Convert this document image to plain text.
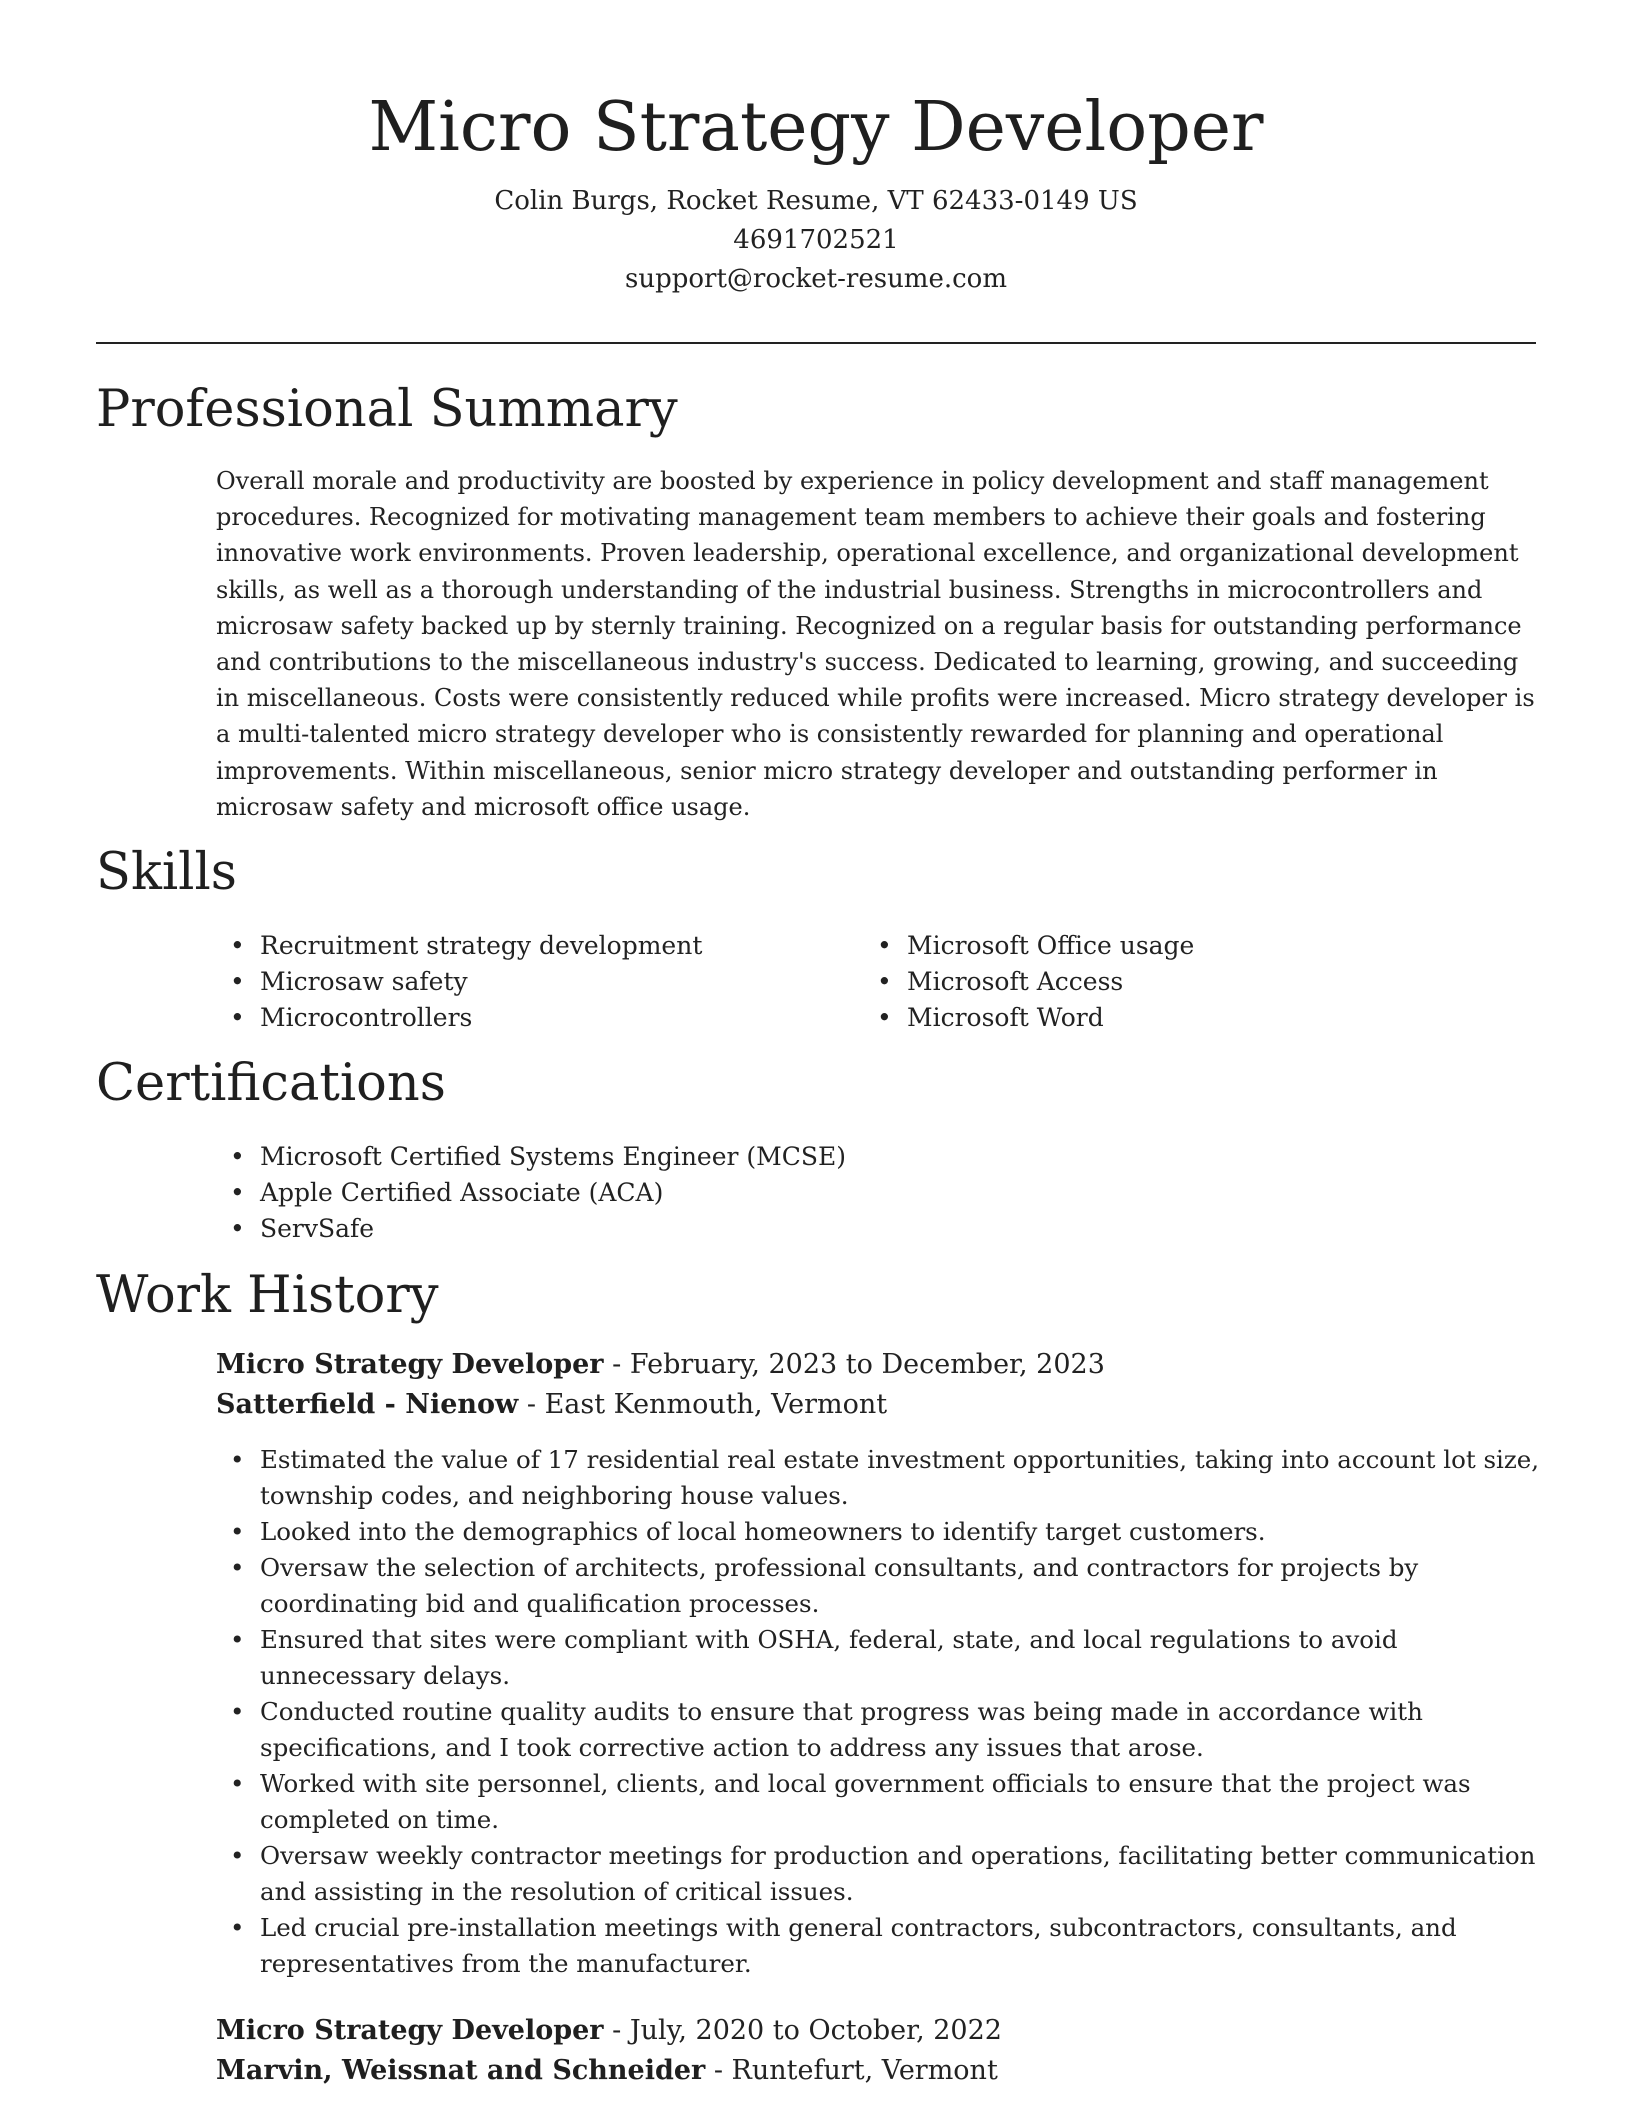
Micro Strategy Developer
Colin Burgs, Rocket Resume, VT 62433-0149 US
4691702521
support@rocket-resume.com
Professional Summary

Overall morale and productivity are boosted by experience in policy development and staff management procedures. Recognized for motivating management team members to achieve their goals and fostering innovative work environments. Proven leadership, operational excellence, and organizational development skills, as well as a thorough understanding of the industrial business. Strengths in microcontrollers and microsaw safety backed up by sternly training. Recognized on a regular basis for outstanding performance and contributions to the miscellaneous industry's success. Dedicated to learning, growing, and succeeding in miscellaneous. Costs were consistently reduced while profits were increased. Micro strategy developer is a multi-talented micro strategy developer who is consistently rewarded for planning and operational improvements. Within miscellaneous, senior micro strategy developer and outstanding performer in microsaw safety and microsoft office usage.

Skills
• Recruitment strategy development
• Microsaw safety
• Microcontrollers
• Microsoft Office usage
• Microsoft Access
• Microsoft Word
Certifications
• Microsoft Certified Systems Engineer (MCSE)
• Apple Certified Associate (ACA)
• ServSafe
Work History
Micro Strategy Developer - February, 2023 to December, 2023
Satterfield - Nienow - East Kenmouth, Vermont
• Estimated the value of 17 residential real estate investment opportunities, taking into account lot size, township codes, and neighboring house values.
• Looked into the demographics of local homeowners to identify target customers.
• Oversaw the selection of architects, professional consultants, and contractors for projects by coordinating bid and qualification processes.
• Ensured that sites were compliant with OSHA, federal, state, and local regulations to avoid unnecessary delays.
• Conducted routine quality audits to ensure that progress was being made in accordance with specifications, and I took corrective action to address any issues that arose.
• Worked with site personnel, clients, and local government officials to ensure that the project was completed on time.
• Oversaw weekly contractor meetings for production and operations, facilitating better communication and assisting in the resolution of critical issues.
• Led crucial pre-installation meetings with general contractors, subcontractors, consultants, and representatives from the manufacturer.
Micro Strategy Developer - July, 2020 to October, 2022
Marvin, Weissnat and Schneider - Runtefurt, Vermont
